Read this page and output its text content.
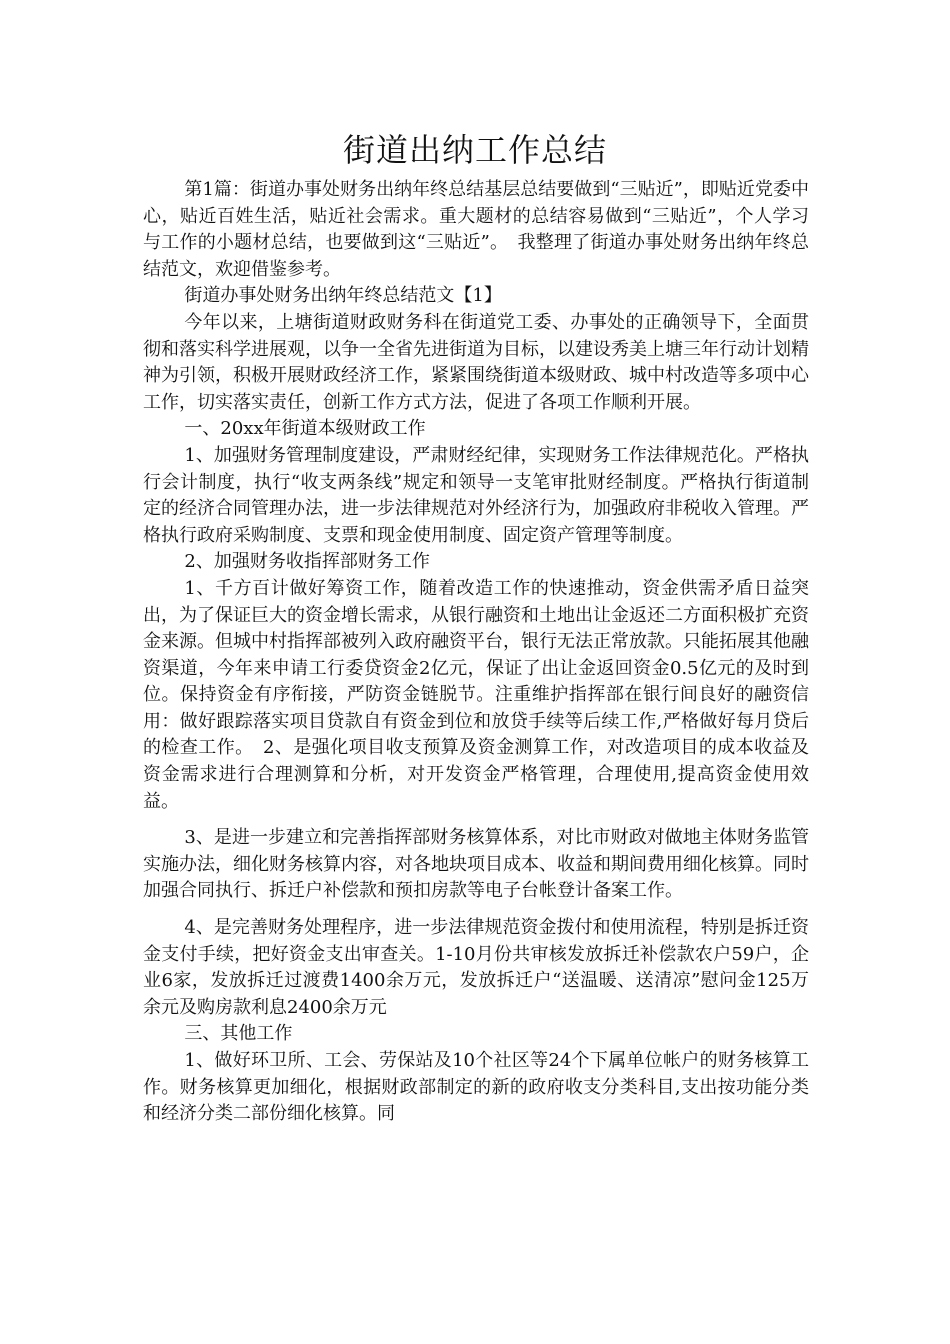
街道出纳工作总结

第1篇：街道办事处财务出纳年终总结基层总结要做到“三贴近”，即贴近党委中心，贴近百姓生活，贴近社会需求。重大题材的总结容易做到“三贴近”，个人学习与工作的小题材总结，也要做到这“三贴近”。　我整理了街道办事处财务出纳年终总结范文，欢迎借鉴参考。

街道办事处财务出纳年终总结范文【1】

今年以来，上塘街道财政财务科在街道党工委、办事处的正确领导下，全面贯彻和落实科学进展观，以争一全省先进街道为目标，以建设秀美上塘三年行动计划精神为引领，积极开展财政经济工作，紧紧围绕街道本级财政、城中村改造等多项中心工作，切实落实责任，创新工作方式方法，促进了各项工作顺利开展。

一、20xx年街道本级财政工作

1、加强财务管理制度建设，严肃财经纪律，实现财务工作法律规范化。严格执行会计制度，执行“收支两条线”规定和领导一支笔审批财经制度。严格执行街道制定的经济合同管理办法，进一步法律规范对外经济行为，加强政府非税收入管理。严格执行政府采购制度、支票和现金使用制度、固定资产管理等制度。

2、加强财务收指挥部财务工作

1、千方百计做好筹资工作，随着改造工作的快速推动，资金供需矛盾日益突出，为了保证巨大的资金增长需求，从银行融资和土地出让金返还二方面积极扩充资金来源。但城中村指挥部被列入政府融资平台，银行无法正常放款。只能拓展其他融资渠道，今年来申请工行委贷资金2亿元，保证了出让金返回资金0.5亿元的及时到位。保持资金有序衔接，严防资金链脱节。注重维护指挥部在银行间良好的融资信用：做好跟踪落实项目贷款自有资金到位和放贷手续等后续工作,严格做好每月贷后的检查工作。　2、是强化项目收支预算及资金测算工作，对改造项目的成本收益及资金需求进行合理测算和分析，对开发资金严格管理，合理使用,提高资金使用效益。

3、是进一步建立和完善指挥部财务核算体系，对比市财政对做地主体财务监管实施办法，细化财务核算内容，对各地块项目成本、收益和期间费用细化核算。同时加强合同执行、拆迁户补偿款和预扣房款等电子台帐登计备案工作。

4、是完善财务处理程序，进一步法律规范资金拨付和使用流程，特别是拆迁资金支付手续，把好资金支出审查关。1-10月份共审核发放拆迁补偿款农户59户，企业6家，发放拆迁过渡费1400余万元，发放拆迁户“送温暖、送清凉”慰问金125万余元及购房款利息2400余万元

三、其他工作

1、做好环卫所、工会、劳保站及10个社区等24个下属单位帐户的财务核算工作。财务核算更加细化，根据财政部制定的新的政府收支分类科目,支出按功能分类和经济分类二部份细化核算。同
